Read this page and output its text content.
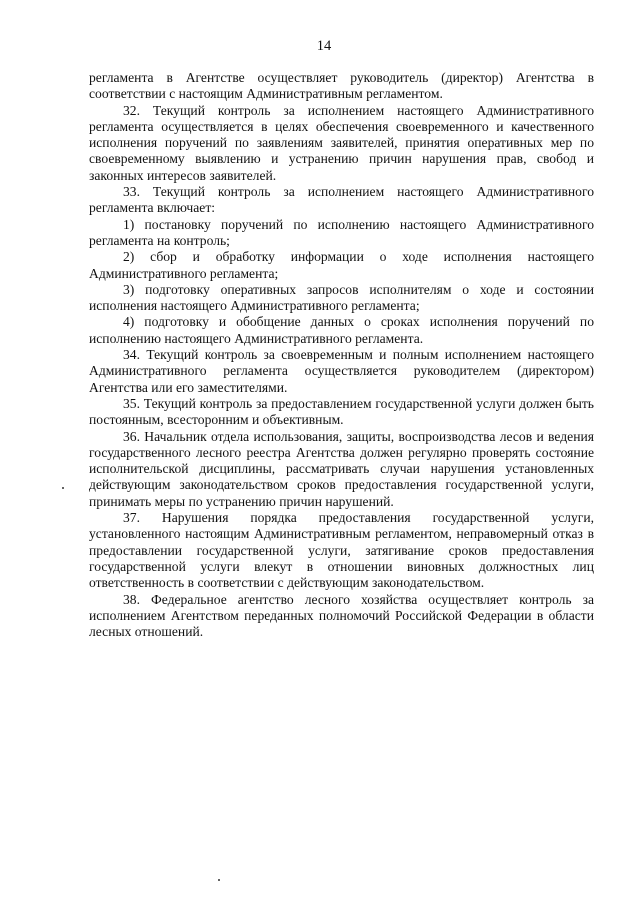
14

регламента в Агентстве осуществляет руководитель (директор) Агентства в соответствии с настоящим Административным регламентом.

32. Текущий контроль за исполнением настоящего Административного регламента осуществляется в целях обеспечения своевременного и качественного исполнения поручений по заявлениям заявителей, принятия оперативных мер по своевременному выявлению и устранению причин нарушения прав, свобод и законных интересов заявителей.

33. Текущий контроль за исполнением настоящего Административного регламента включает:

1) постановку поручений по исполнению настоящего Административного регламента на контроль;

2) сбор и обработку информации о ходе исполнения настоящего Административного регламента;

3) подготовку оперативных запросов исполнителям о ходе и состоянии исполнения настоящего Административного регламента;

4) подготовку и обобщение данных о сроках исполнения поручений по исполнению настоящего Административного регламента.

34. Текущий контроль за своевременным и полным исполнением настоящего Административного регламента осуществляется руководителем (директором) Агентства или его заместителями.

35. Текущий контроль за предоставлением государственной услуги должен быть постоянным, всесторонним и объективным.

36. Начальник отдела использования, защиты, воспроизводства лесов и ведения государственного лесного реестра Агентства должен регулярно проверять состояние исполнительской дисциплины, рассматривать случаи нарушения установленных действующим законодательством сроков предоставления государственной услуги, принимать меры по устранению причин нарушений.

37. Нарушения порядка предоставления государственной услуги, установленного настоящим Административным регламентом, неправомерный отказ в предоставлении государственной услуги, затягивание сроков предоставления государственной услуги влекут в отношении виновных должностных лиц ответственность в соответствии с действующим законодательством.

38. Федеральное агентство лесного хозяйства осуществляет контроль за исполнением Агентством переданных полномочий Российской Федерации в области лесных отношений.
